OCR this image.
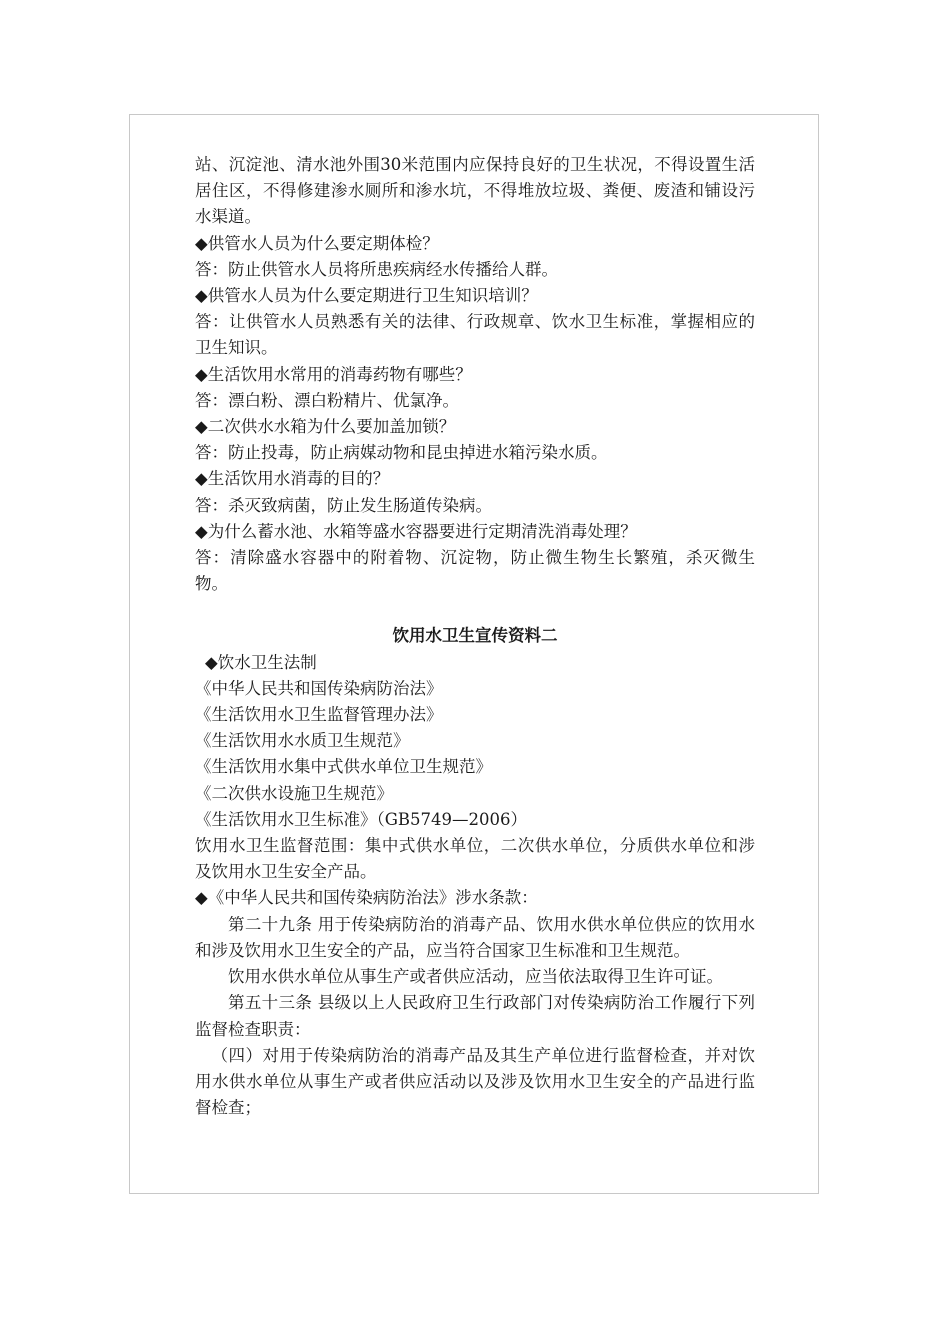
站、沉淀池、清水池外围30米范围内应保持良好的卫生状况，不得设置生活居住区，不得修建渗水厕所和渗水坑，不得堆放垃圾、粪便、废渣和铺设污水渠道。

◆供管水人员为什么要定期体检？

答：防止供管水人员将所患疾病经水传播给人群。

◆供管水人员为什么要定期进行卫生知识培训？

答：让供管水人员熟悉有关的法律、行政规章、饮水卫生标准，掌握相应的卫生知识。

◆生活饮用水常用的消毒药物有哪些？

答：漂白粉、漂白粉精片、优氯净。

◆二次供水水箱为什么要加盖加锁？

答：防止投毒，防止病媒动物和昆虫掉进水箱污染水质。

◆生活饮用水消毒的目的？

答：杀灭致病菌，防止发生肠道传染病。

◆为什么蓄水池、水箱等盛水容器要进行定期清洗消毒处理？

答：清除盛水容器中的附着物、沉淀物，防止微生物生长繁殖，杀灭微生物。

饮用水卫生宣传资料二

◆饮水卫生法制

《中华人民共和国传染病防治法》

《生活饮用水卫生监督管理办法》

《生活饮用水水质卫生规范》

《生活饮用水集中式供水单位卫生规范》

《二次供水设施卫生规范》

《生活饮用水卫生标准》（GB5749—2006）

饮用水卫生监督范围：集中式供水单位，二次供水单位，分质供水单位和涉及饮用水卫生安全产品。

◆《中华人民共和国传染病防治法》涉水条款：

第二十九条 用于传染病防治的消毒产品、饮用水供水单位供应的饮用水和涉及饮用水卫生安全的产品，应当符合国家卫生标准和卫生规范。

饮用水供水单位从事生产或者供应活动，应当依法取得卫生许可证。

第五十三条 县级以上人民政府卫生行政部门对传染病防治工作履行下列监督检查职责：

（四）对用于传染病防治的消毒产品及其生产单位进行监督检查，并对饮用水供水单位从事生产或者供应活动以及涉及饮用水卫生安全的产品进行监督检查；
